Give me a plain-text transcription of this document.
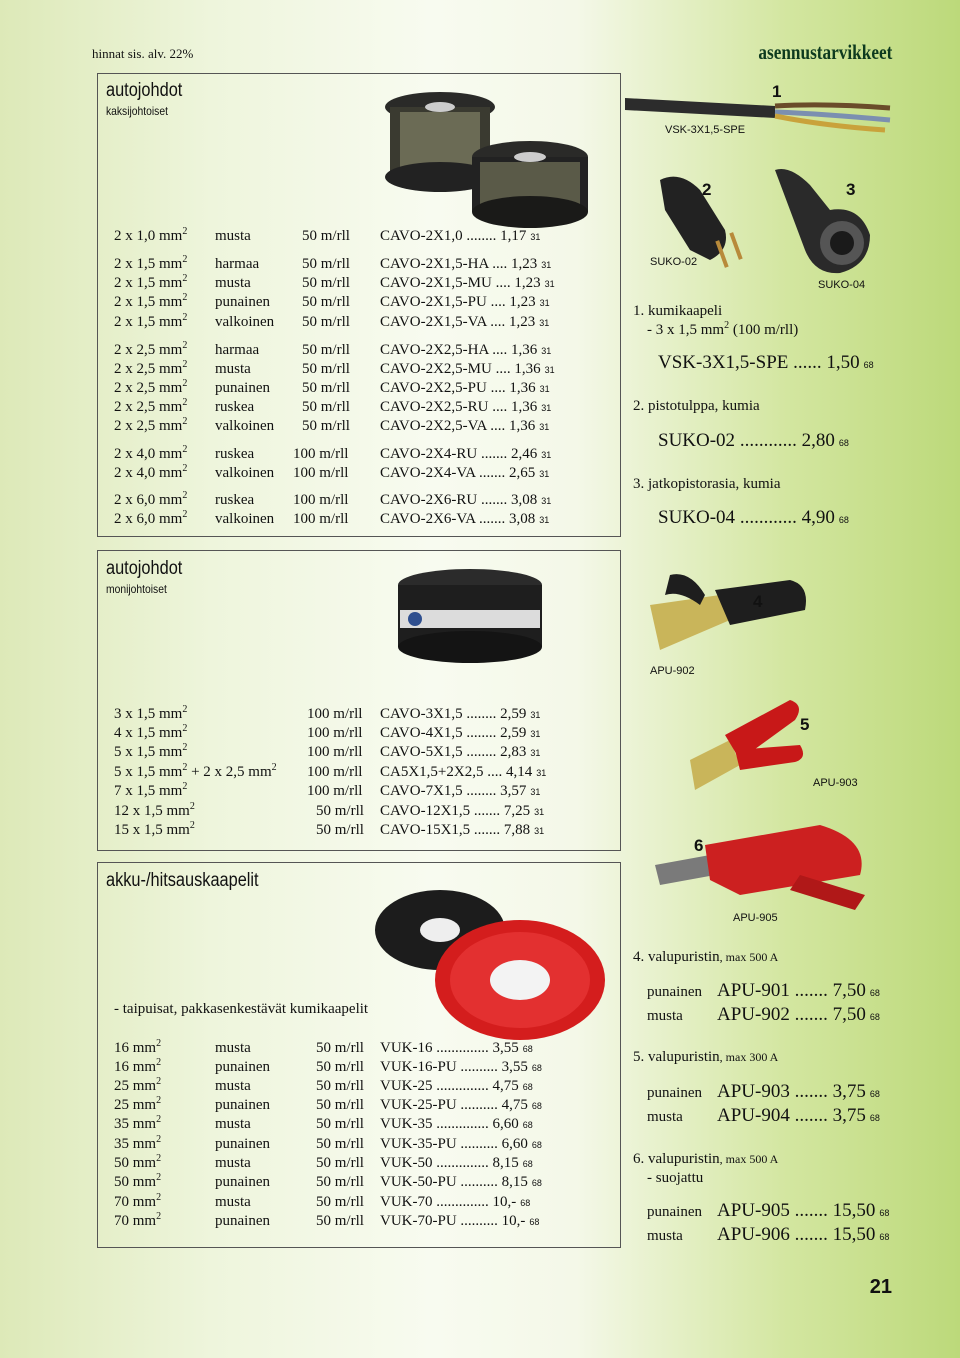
hinnat sis. alv. 22%	asennustarvikkeet
autojohdot
kaksijohtoiset
autojohdot
monijohtoiset
akku-/hitsauskaapelit
- taipuisat, pakkasenkestävät kumikaapelit
VSK-3X1,5-SPE
1
2	3
SUKO-02
SUKO-04
4
APU-902
5
APU-903
6
APU-905
2 x 1,0 $mm^2$ musta	50 m/rll CAVO-2X1,0 ........ 1,17 31
2 x 1,5 $mm^2$ harmaa	50 m/rll CAVO-2X1,5-HA .... 1,23 31
2 x 1,5 $mm^2$ musta	50 m/rll CAVO-2X1,5-MU .... 1,23 31
2 x 1,5 $mm^2$ punainen 50 m/rll CAVO-2X1,5-PU .... 1,23 31
2 x 1,5 $mm^2$ valkoinen 50 m/rll CAVO-2X1,5-VA .... 1,23 31
2 x 2,5 $mm^2$ harmaa	50 m/rll CAVO-2X2,5-HA .... 1,36 31
2 x 2,5 $mm^2$ musta	50 m/rll CAVO-2X2,5-MU .... 1,36 31
2 x 2,5 $mm^2$ punainen 50 m/rll CAVO-2X2,5-PU .... 1,36 31
2 x 2,5 $mm^2$ ruskea	50 m/rll CAVO-2X2,5-RU .... 1,36 31
2 x 2,5 $mm^2$ valkoinen 50 m/rll CAVO-2X2,5-VA .... 1,36 31
2 x 4,0 $mm^2$ ruskea	100 m/rll CAVO-2X4-RU ....... 2,46 31
2 x 4,0 $mm^2$ valkoinen 100 m/rll CAVO-2X4-VA ....... 2,65 31
2 x 6,0 $mm^2$ ruskea	100 m/rll CAVO-2X6-RU ....... 3,08 31
2 x 6,0 $mm^2$ valkoinen 100 m/rll CAVO-2X6-VA ....... 3,08 31
3 x 1,5 $mm^2$	100 m/rll CAVO-3X1,5 ........ 2,59 31
4 x 1,5 $mm^2$	100 m/rll CAVO-4X1,5 ........ 2,59 31
5 x 1,5 $mm^2$	100 m/rll CAVO-5X1,5 ........ 2,83 31
5 x 1,5 $mm^2 + 2$ x 2,5 $mm^2$ 100 m/rll CA5X1,5+2X2,5 .... 4,14 31
7 x 1,5 $mm^2$	100 m/rll CAVO-7X1,5 ........ 3,57 31
12 x 1,5 $mm^2$	50 m/rll CAVO-12X1,5 ....... 7,25 31
15 x 1,5 $mm^2$	50 m/rll CAVO-15X1,5 ....... 7,88 31
16 $mm^2$	musta	50 m/rll VUK-16 .............. 3,55 68
16 $mm^2$	punainen	50 m/rll VUK-16-PU .......... 3,55 68
25 $mm^2$	musta	50 m/rll VUK-25 .............. 4,75 68
25 $mm^2$	punainen	50 m/rll VUK-25-PU .......... 4,75 68
35 $mm^2$	musta	50 m/rll VUK-35 .............. 6,60 68
35 $mm^2$	punainen	50 m/rll VUK-35-PU .......... 6,60 68
50 $mm^2$	musta	50 m/rll VUK-50 .............. 8,15 68
50 $mm^2$	punainen	50 m/rll VUK-50-PU .......... 8,15 68
70 $mm^2$	musta	50 m/rll VUK-70 .............. 10,- 68
70 $mm^2$	punainen	50 m/rll VUK-70-PU .......... 10,- 68
1. kumikaapeli
- 3 x 1,5 $mm^2$ (100 m/rll)
VSK-3X1,5-SPE ...... 1,50 68
2. pistotulppa, kumia
SUKO-02 ............ 2,80 68
3. jatkopistorasia, kumia
SUKO-04 ............ 4,90 68
4. valupuristin, max 500 A
punainen APU-901 ....... 7,50 68
musta APU-902 ....... 7,50 68
5. valupuristin, max 300 A
punainen APU-903 ....... 3,75 68
musta APU-904 ....... 3,75 68
6. valupuristin, max 500 A
- suojattu
punainen APU-905 ....... 15,50 68
musta APU-906 ....... 15,50 68
21
